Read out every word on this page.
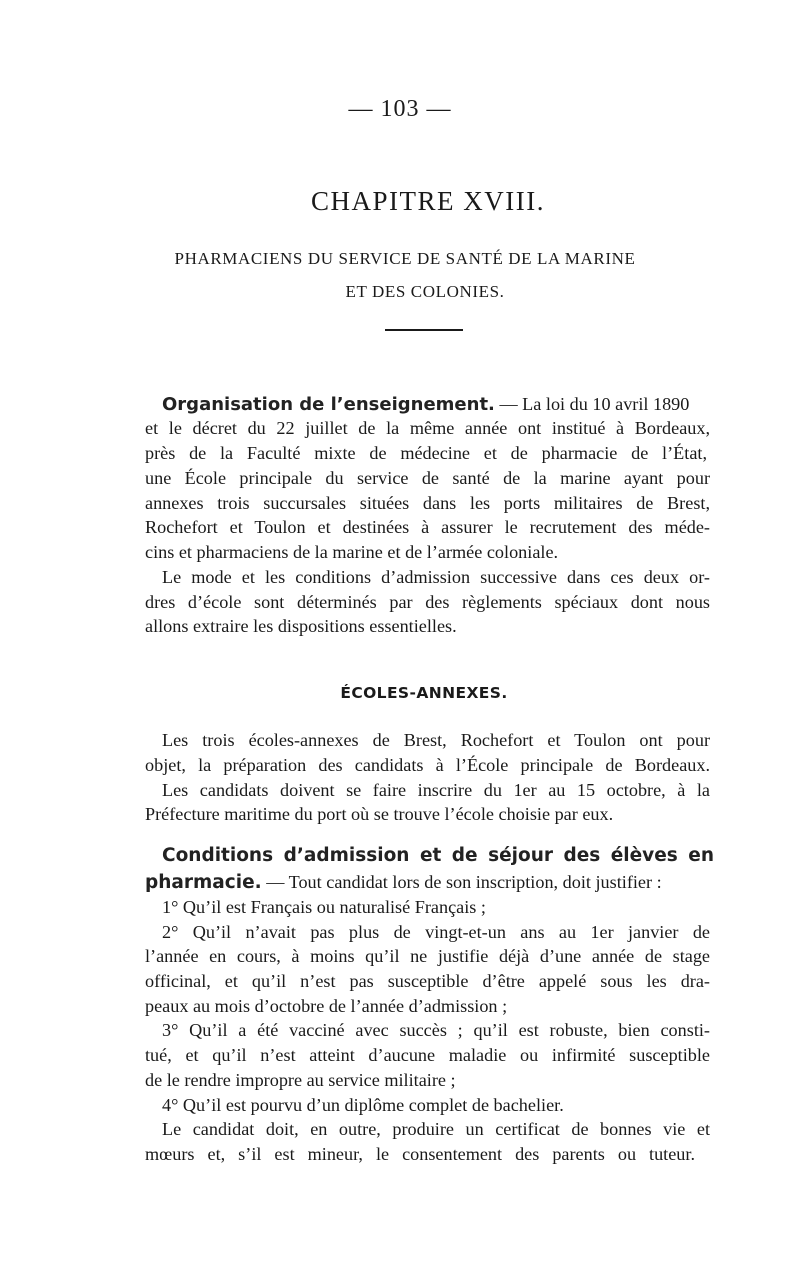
— 103 —
CHAPITRE XVIII.
PHARMACIENS DU SERVICE DE SANTÉ DE LA MARINE
ET DES COLONIES.
Organisation de l’enseignement. — La loi du 10 avril 1890
et le décret du 22 juillet de la même année ont institué à Bordeaux,
près de la Faculté mixte de médecine et de pharmacie de l’État,
une École principale du service de santé de la marine ayant pour
annexes trois succursales situées dans les ports militaires de Brest,
Rochefort et Toulon et destinées à assurer le recrutement des méde-
cins et pharmaciens de la marine et de l’armée coloniale.
Le mode et les conditions d’admission successive dans ces deux or-
dres d’école sont déterminés par des règlements spéciaux dont nous
allons extraire les dispositions essentielles.
ÉCOLES-ANNEXES.
Les trois écoles-annexes de Brest, Rochefort et Toulon ont pour
objet, la préparation des candidats à l’École principale de Bordeaux.
Les candidats doivent se faire inscrire du 1er au 15 octobre, à la
Préfecture maritime du port où se trouve l’école choisie par eux.
Conditions d’admission et de séjour des élèves en
pharmacie. — Tout candidat lors de son inscription, doit justifier :
1° Qu’il est Français ou naturalisé Français ;
2° Qu’il n’avait pas plus de vingt-et-un ans au 1er janvier de
l’année en cours, à moins qu’il ne justifie déjà d’une année de stage
officinal, et qu’il n’est pas susceptible d’être appelé sous les dra-
peaux au mois d’octobre de l’année d’admission ;
3° Qu’il a été vacciné avec succès ; qu’il est robuste, bien consti-
tué, et qu’il n’est atteint d’aucune maladie ou infirmité susceptible
de le rendre impropre au service militaire ;
4° Qu’il est pourvu d’un diplôme complet de bachelier.
Le candidat doit, en outre, produire un certificat de bonnes vie et
mœurs et, s’il est mineur, le consentement des parents ou tuteur.
